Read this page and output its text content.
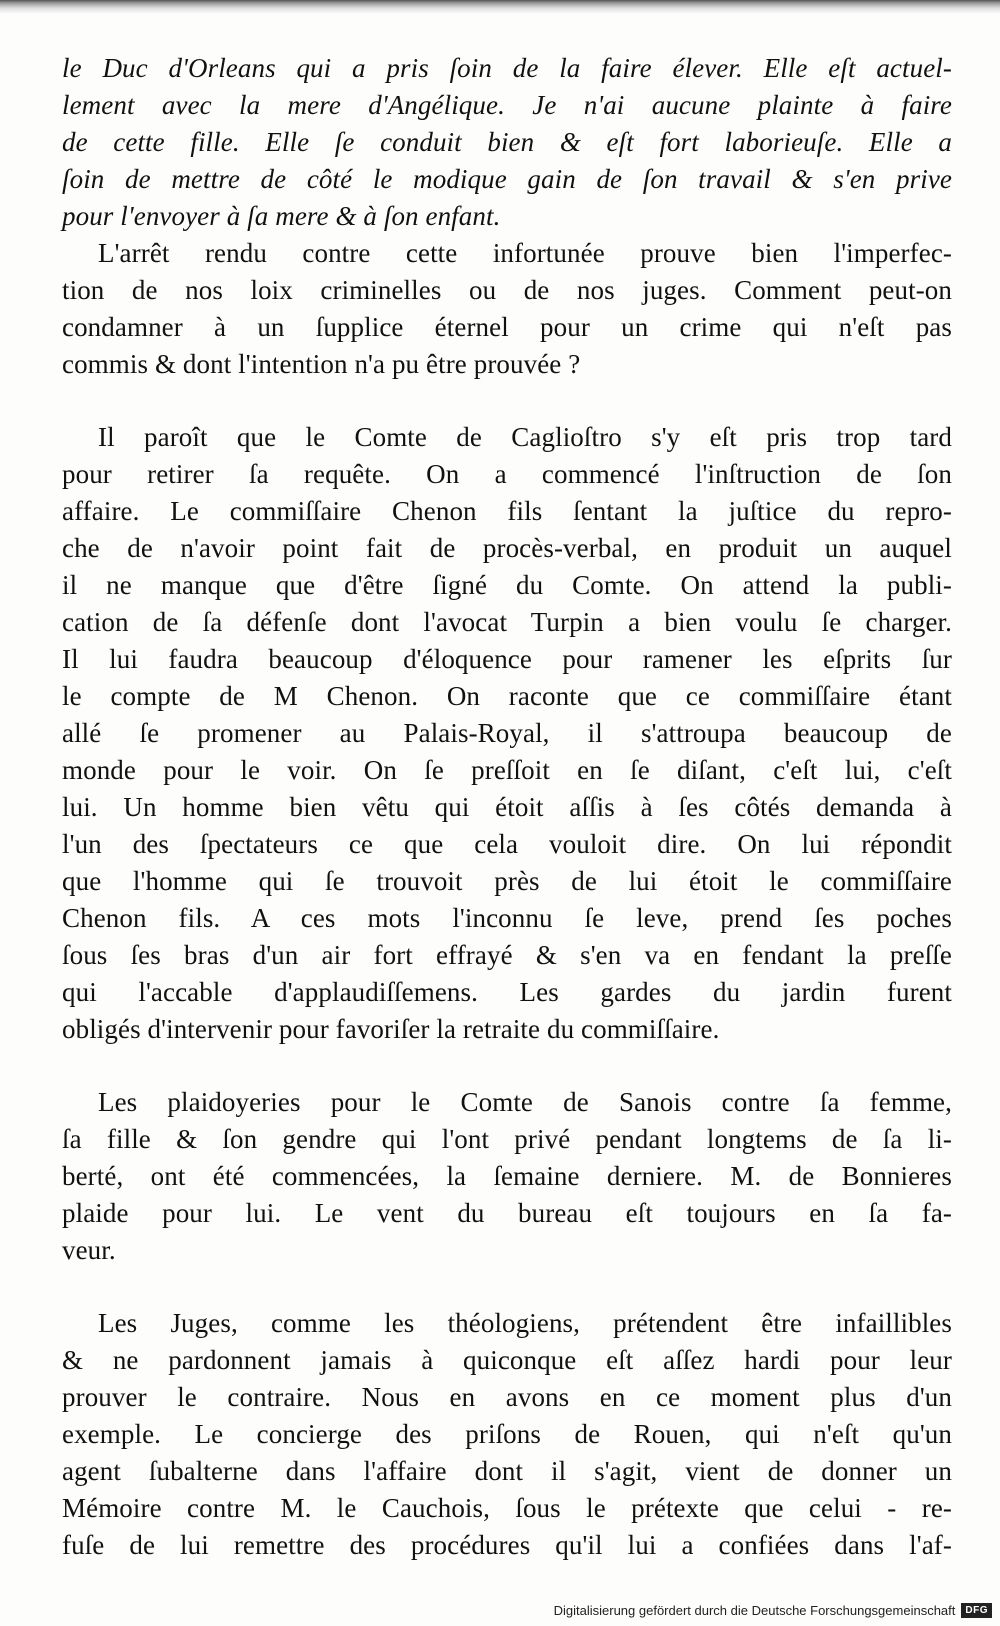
le Duc d'Orleans qui a pris ſoin de la faire élever. Elle eſt actuel-
lement avec la mere d'Angélique. Je n'ai aucune plainte à faire
de cette fille. Elle ſe conduit bien & eſt fort laborieuſe. Elle a
ſoin de mettre de côté le modique gain de ſon travail & s'en prive
pour l'envoyer à ſa mere & à ſon enfant.
L'arrêt rendu contre cette infortunée prouve bien l'imperfec-
tion de nos loix criminelles ou de nos juges. Comment peut-on
condamner à un ſupplice éternel pour un crime qui n'eſt pas
commis & dont l'intention n'a pu être prouvée ?
Il paroît que le Comte de Caglioſtro s'y eſt pris trop tard
pour retirer ſa requête. On a commencé l'inſtruction de ſon
affaire. Le commiſſaire Chenon fils ſentant la juſtice du repro-
che de n'avoir point fait de procès-verbal, en produit un auquel
il ne manque que d'être ſigné du Comte. On attend la publi-
cation de ſa défenſe dont l'avocat Turpin a bien voulu ſe charger.
Il lui faudra beaucoup d'éloquence pour ramener les eſprits ſur
le compte de M Chenon. On raconte que ce commiſſaire étant
allé ſe promener au Palais-Royal, il s'attroupa beaucoup de
monde pour le voir. On ſe preſſoit en ſe diſant, c'eſt lui, c'eſt
lui. Un homme bien vêtu qui étoit aſſis à ſes côtés demanda à
l'un des ſpectateurs ce que cela vouloit dire. On lui répondit
que l'homme qui ſe trouvoit près de lui étoit le commiſſaire
Chenon fils. A ces mots l'inconnu ſe leve, prend ſes poches
ſous ſes bras d'un air fort effrayé & s'en va en fendant la preſſe
qui l'accable d'applaudiſſemens. Les gardes du jardin furent
obligés d'intervenir pour favoriſer la retraite du commiſſaire.
Les plaidoyeries pour le Comte de Sanois contre ſa femme,
ſa fille & ſon gendre qui l'ont privé pendant longtems de ſa li-
berté, ont été commencées, la ſemaine derniere. M. de Bonnieres
plaide pour lui. Le vent du bureau eſt toujours en ſa fa-
veur.
Les Juges, comme les théologiens, prétendent être infaillibles
& ne pardonnent jamais à quiconque eſt aſſez hardi pour leur
prouver le contraire. Nous en avons en ce moment plus d'un
exemple. Le concierge des priſons de Rouen, qui n'eſt qu'un
agent ſubalterne dans l'affaire dont il s'agit, vient de donner un
Mémoire contre M. le Cauchois, ſous le prétexte que celui - re-
fuſe de lui remettre des procédures qu'il lui a confiées dans l'af-
Digitalisierung gefördert durch die Deutsche Forschungsgemeinschaft	DFG
